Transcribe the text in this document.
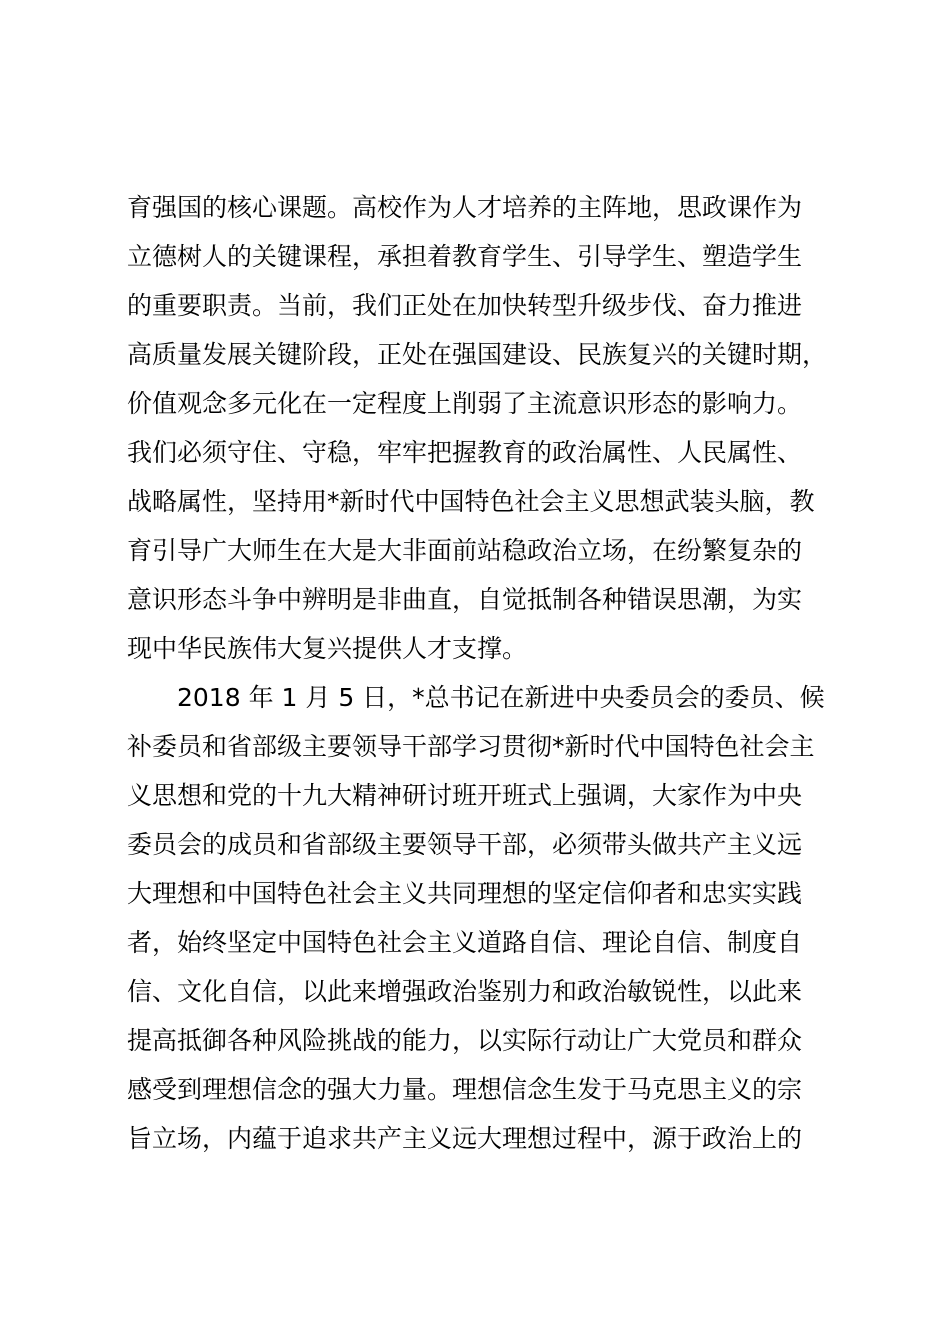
育强国的核心课题。高校作为人才培养的主阵地，思政课作为
立德树人的关键课程，承担着教育学生、引导学生、塑造学生
的重要职责。当前，我们正处在加快转型升级步伐、奋力推进
高质量发展关键阶段，正处在强国建设、民族复兴的关键时期，
价值观念多元化在一定程度上削弱了主流意识形态的影响力。
我们必须守住、守稳，牢牢把握教育的政治属性、人民属性、
战略属性，坚持用*新时代中国特色社会主义思想武装头脑，教
育引导广大师生在大是大非面前站稳政治立场，在纷繁复杂的
意识形态斗争中辨明是非曲直，自觉抵制各种错误思潮，为实
现中华民族伟大复兴提供人才支撑。
2018 年 1 月 5 日，*总书记在新进中央委员会的委员、候
补委员和省部级主要领导干部学习贯彻*新时代中国特色社会主
义思想和党的十九大精神研讨班开班式上强调，大家作为中央
委员会的成员和省部级主要领导干部，必须带头做共产主义远
大理想和中国特色社会主义共同理想的坚定信仰者和忠实实践
者，始终坚定中国特色社会主义道路自信、理论自信、制度自
信、文化自信，以此来增强政治鉴别力和政治敏锐性，以此来
提高抵御各种风险挑战的能力，以实际行动让广大党员和群众
感受到理想信念的强大力量。理想信念生发于马克思主义的宗
旨立场，内蕴于追求共产主义远大理想过程中，源于政治上的
